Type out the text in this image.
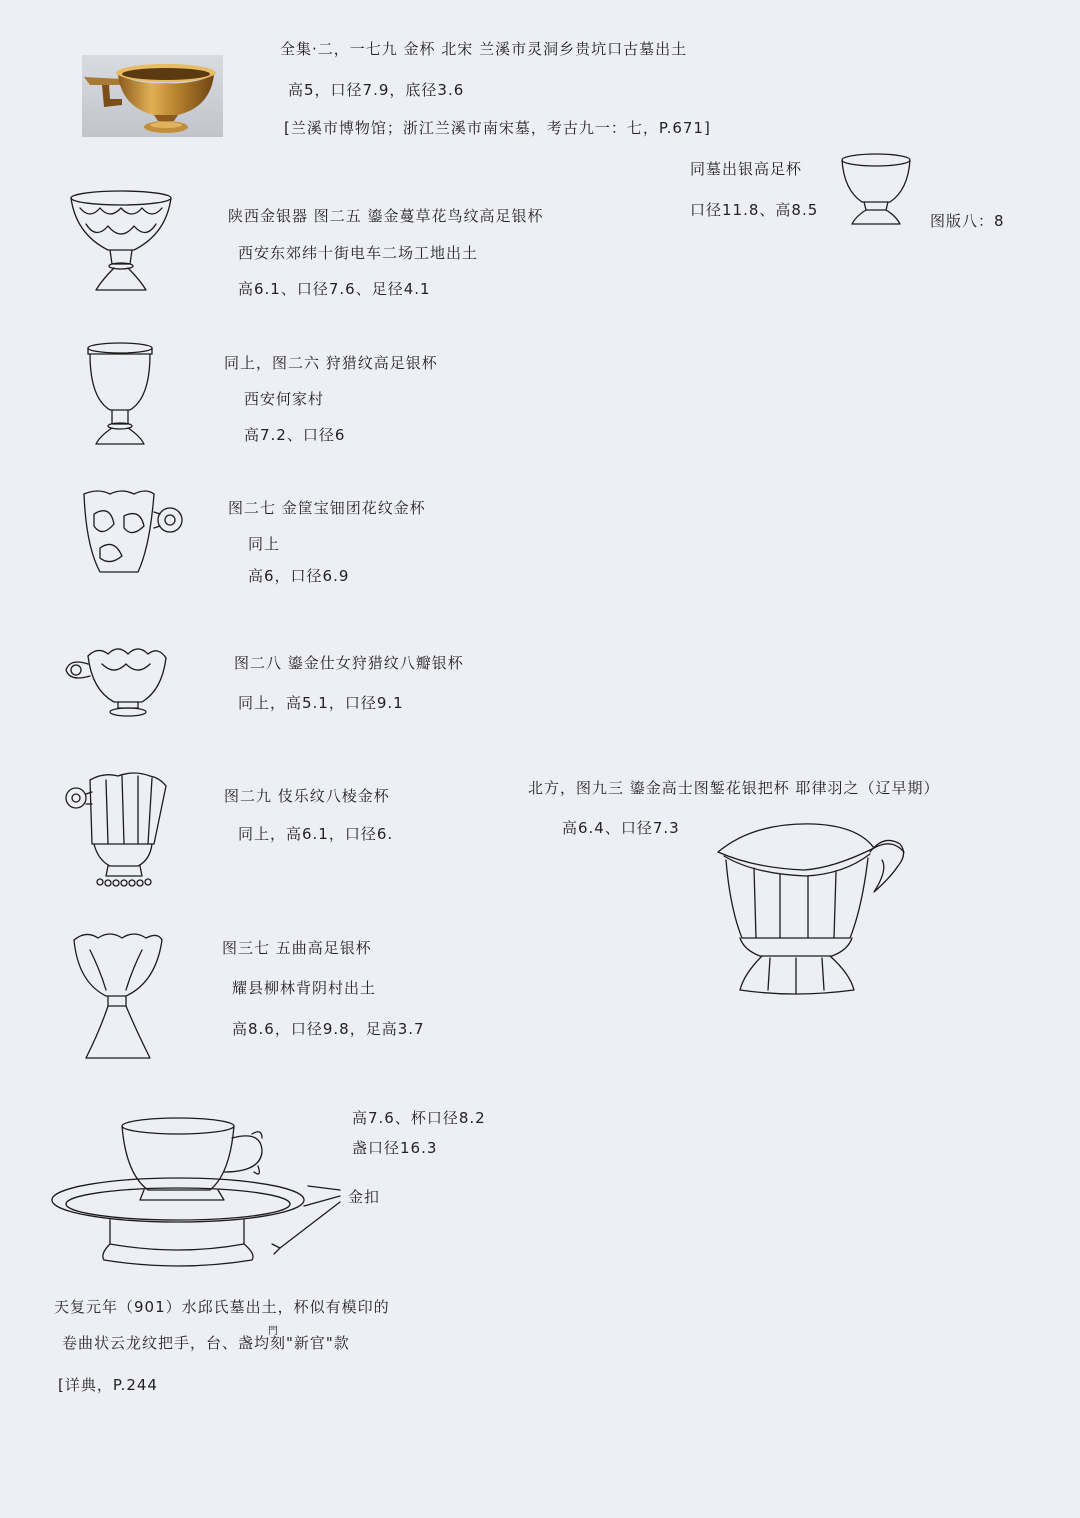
全集·二，一七九 金杯 北宋 兰溪市灵洞乡贵坑口古墓出土

高5，口径7.9，底径3.6

[兰溪市博物馆；浙江兰溪市南宋墓，考古九一：七，P.671]

同墓出银高足杯

口径11.8、高8.5

图版八：8

陕西金银器 图二五 鎏金蔓草花鸟纹高足银杯

西安东郊纬十街电车二场工地出土

高6.1、口径7.6、足径4.1

同上，图二六 狩猎纹高足银杯

西安何家村

高7.2、口径6

图二七 金筐宝钿团花纹金杯

同上

高6，口径6.9

图二八 鎏金仕女狩猎纹八瓣银杯

同上，高5.1，口径9.1

图二九 伎乐纹八棱金杯

同上，高6.1，口径6.

北方，图九三 鎏金高士图錾花银把杯 耶律羽之（辽早期）

高6.4、口径7.3

图三七 五曲高足银杯

耀县柳林背阴村出土

高8.6，口径9.8，足高3.7

高7.6、杯口径8.2

盏口径16.3

金扣

天复元年（901）水邱氏墓出土，杯似有模印的

門

卷曲状云龙纹把手，台、盏均刻"新官"款

[详典，P.244
